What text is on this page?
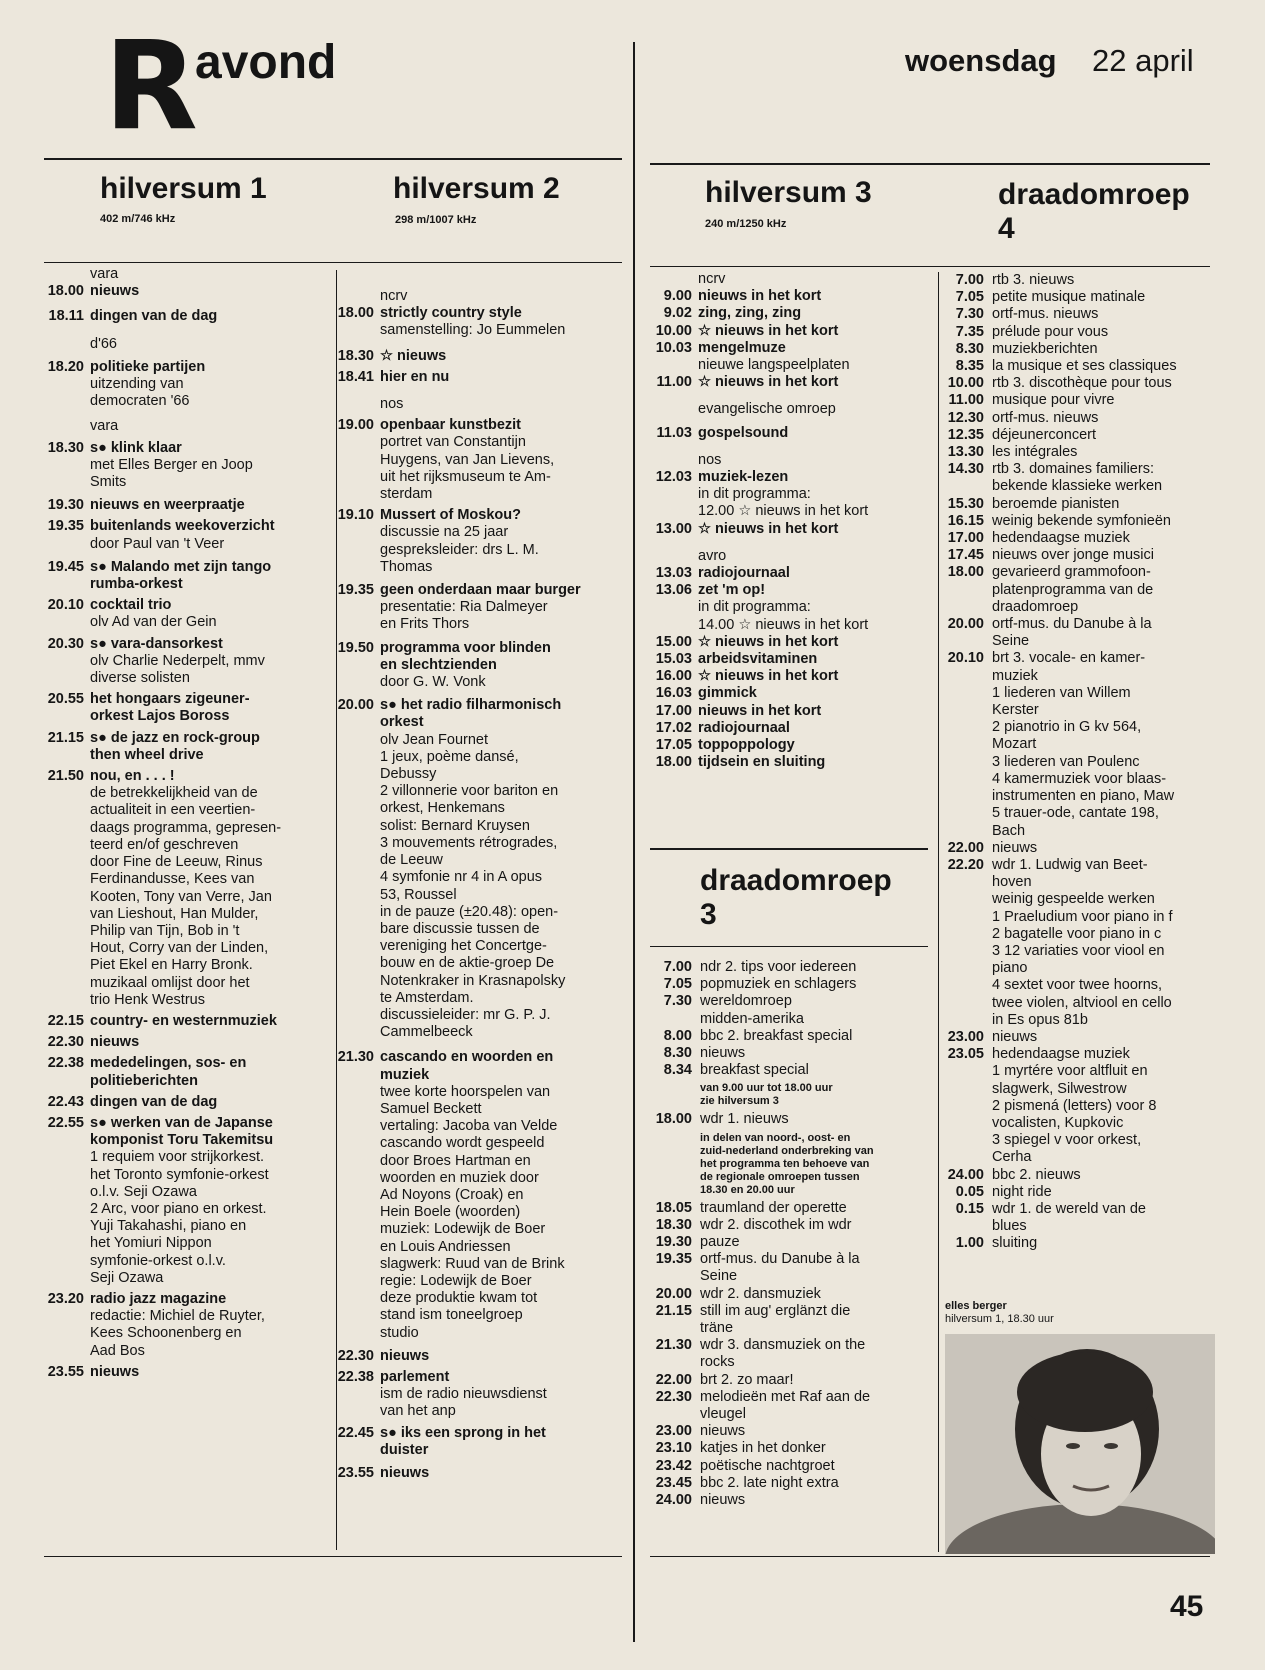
R avond	woensdag 22 april
hilversum 1
402 m/746 kHz
hilversum 2
298 m/1007 kHz
hilversum 3
240 m/1250 kHz
draadomroep
4
draadomroep
3
vara
18.00 nieuws
18.11 dingen van de dag
d'66
18.20 politieke partijen
uitzending van
democraten '66
vara
18.30 s● klink klaar
met Elles Berger en Joop
Smits
19.30 nieuws en weerpraatje
19.35 buitenlands weekoverzicht
door Paul van 't Veer
19.45 s● Malando met zijn tango
rumba-orkest
20.10 cocktail trio
olv Ad van der Gein
20.30 s● vara-dansorkest
olv Charlie Nederpelt, mmv
diverse solisten
20.55 het hongaars zigeuner-
orkest Lajos Boross
21.15 s● de jazz en rock-group
then wheel drive
21.50 nou, en . . . !
de betrekkelijkheid van de
actualiteit in een veertien-
daags programma, gepresen-
teerd en/of geschreven
door Fine de Leeuw, Rinus
Ferdinandusse, Kees van
Kooten, Tony van Verre, Jan
van Lieshout, Han Mulder,
Philip van Tijn, Bob in 't
Hout, Corry van der Linden,
Piet Ekel en Harry Bronk.
muzikaal omlijst door het
trio Henk Westrus
22.15 country- en westernmuziek
22.30 nieuws
22.38 mededelingen, sos- en
politieberichten
22.43 dingen van de dag
22.55 s● werken van de Japanse
komponist Toru Takemitsu
1 requiem voor strijkorkest.
het Toronto symfonie-orkest
o.l.v. Seji Ozawa
2 Arc, voor piano en orkest.
Yuji Takahashi, piano en
het Yomiuri Nippon
symfonie-orkest o.l.v.
Seji Ozawa
23.20 radio jazz magazine
redactie: Michiel de Ruyter,
Kees Schoonenberg en
Aad Bos
23.55 nieuws
ncrv
18.00 strictly country style
samenstelling: Jo Eummelen
18.30 ☆ nieuws
18.41 hier en nu
nos
19.00 openbaar kunstbezit
portret van Constantijn
Huygens, van Jan Lievens,
uit het rijksmuseum te Am-
sterdam
19.10 Mussert of Moskou?
discussie na 25 jaar
gespreksleider: drs L. M.
Thomas
19.35 geen onderdaan maar burger
presentatie: Ria Dalmeyer
en Frits Thors
19.50 programma voor blinden
en slechtzienden
door G. W. Vonk
20.00 s● het radio filharmonisch
orkest
olv Jean Fournet
1 jeux, poème dansé,
Debussy
2 villonnerie voor bariton en
orkest, Henkemans
solist: Bernard Kruysen
3 mouvements rétrogrades,
de Leeuw
4 symfonie nr 4 in A opus
53, Roussel
in de pauze (±20.48): open-
bare discussie tussen de
vereniging het Concertge-
bouw en de aktie-groep De
Notenkraker in Krasnapolsky
te Amsterdam.
discussieleider: mr G. P. J.
Cammelbeeck
21.30 cascando en woorden en
muziek
twee korte hoorspelen van
Samuel Beckett
vertaling: Jacoba van Velde
cascando wordt gespeeld
door Broes Hartman en
woorden en muziek door
Ad Noyons (Croak) en
Hein Boele (woorden)
muziek: Lodewijk de Boer
en Louis Andriessen
slagwerk: Ruud van de Brink
regie: Lodewijk de Boer
deze produktie kwam tot
stand ism toneelgroep
studio
22.30 nieuws
22.38 parlement
ism de radio nieuwsdienst
van het anp
22.45 s● iks een sprong in het
duister
23.55 nieuws
ncrv
9.00 nieuws in het kort
9.02 zing, zing, zing
10.00 ☆ nieuws in het kort
10.03 mengelmuze
nieuwe langspeelplaten
11.00 ☆ nieuws in het kort
evangelische omroep
11.03 gospelsound
nos
12.03 muziek-lezen
in dit programma:
12.00 ☆ nieuws in het kort
13.00 ☆ nieuws in het kort
avro
13.03 radiojournaal
13.06 zet 'm op!
in dit programma:
14.00 ☆ nieuws in het kort
15.00 ☆ nieuws in het kort
15.03 arbeidsvitaminen
16.00 ☆ nieuws in het kort
16.03 gimmick
17.00 nieuws in het kort
17.02 radiojournaal
17.05 toppoppology
18.00 tijdsein en sluiting
7.00 ndr 2. tips voor iedereen
7.05 popmuziek en schlagers
7.30 wereldomroep
midden-amerika
8.00 bbc 2. breakfast special
8.30 nieuws
8.34 breakfast special
van 9.00 uur tot 18.00 uur
zie hilversum 3
18.00 wdr 1. nieuws
in delen van noord-, oost- en
zuid-nederland onderbreking van
het programma ten behoeve van
de regionale omroepen tussen
18.30 en 20.00 uur
18.05 traumland der operette
18.30 wdr 2. discothek im wdr
19.30 pauze
19.35 ortf-mus. du Danube à la
Seine
20.00 wdr 2. dansmuziek
21.15 still im aug' erglänzt die
träne
21.30 wdr 3. dansmuziek on the
rocks
22.00 brt 2. zo maar!
22.30 melodieën met Raf aan de
vleugel
23.00 nieuws
23.10 katjes in het donker
23.42 poëtische nachtgroet
23.45 bbc 2. late night extra
24.00 nieuws
7.00 rtb 3. nieuws
7.05 petite musique matinale
7.30 ortf-mus. nieuws
7.35 prélude pour vous
8.30 muziekberichten
8.35 la musique et ses classiques
10.00 rtb 3. discothèque pour tous
11.00 musique pour vivre
12.30 ortf-mus. nieuws
12.35 déjeunerconcert
13.30 les intégrales
14.30 rtb 3. domaines familiers:
bekende klassieke werken
15.30 beroemde pianisten
16.15 weinig bekende symfonieën
17.00 hedendaagse muziek
17.45 nieuws over jonge musici
18.00 gevarieerd grammofoon-
platenprogramma van de
draadomroep
20.00 ortf-mus. du Danube à la
Seine
20.10 brt 3. vocale- en kamer-
muziek
1 liederen van Willem
Kerster
2 pianotrio in G kv 564,
Mozart
3 liederen van Poulenc
4 kamermuziek voor blaas-
instrumenten en piano, Maw
5 trauer-ode, cantate 198,
Bach
22.00 nieuws
22.20 wdr 1. Ludwig van Beet-
hoven
weinig gespeelde werken
1 Praeludium voor piano in f
2 bagatelle voor piano in c
3 12 variaties voor viool en
piano
4 sextet voor twee hoorns,
twee violen, altviool en cello
in Es opus 81b
23.00 nieuws
23.05 hedendaagse muziek
1 myrtére voor altfluit en
slagwerk, Silwestrow
2 pismená (letters) voor 8
vocalisten, Kupkovic
3 spiegel v voor orkest,
Cerha
24.00 bbc 2. nieuws
0.05 night ride
0.15 wdr 1. de wereld van de
blues
1.00 sluiting
elles berger
hilversum 1, 18.30 uur
45
